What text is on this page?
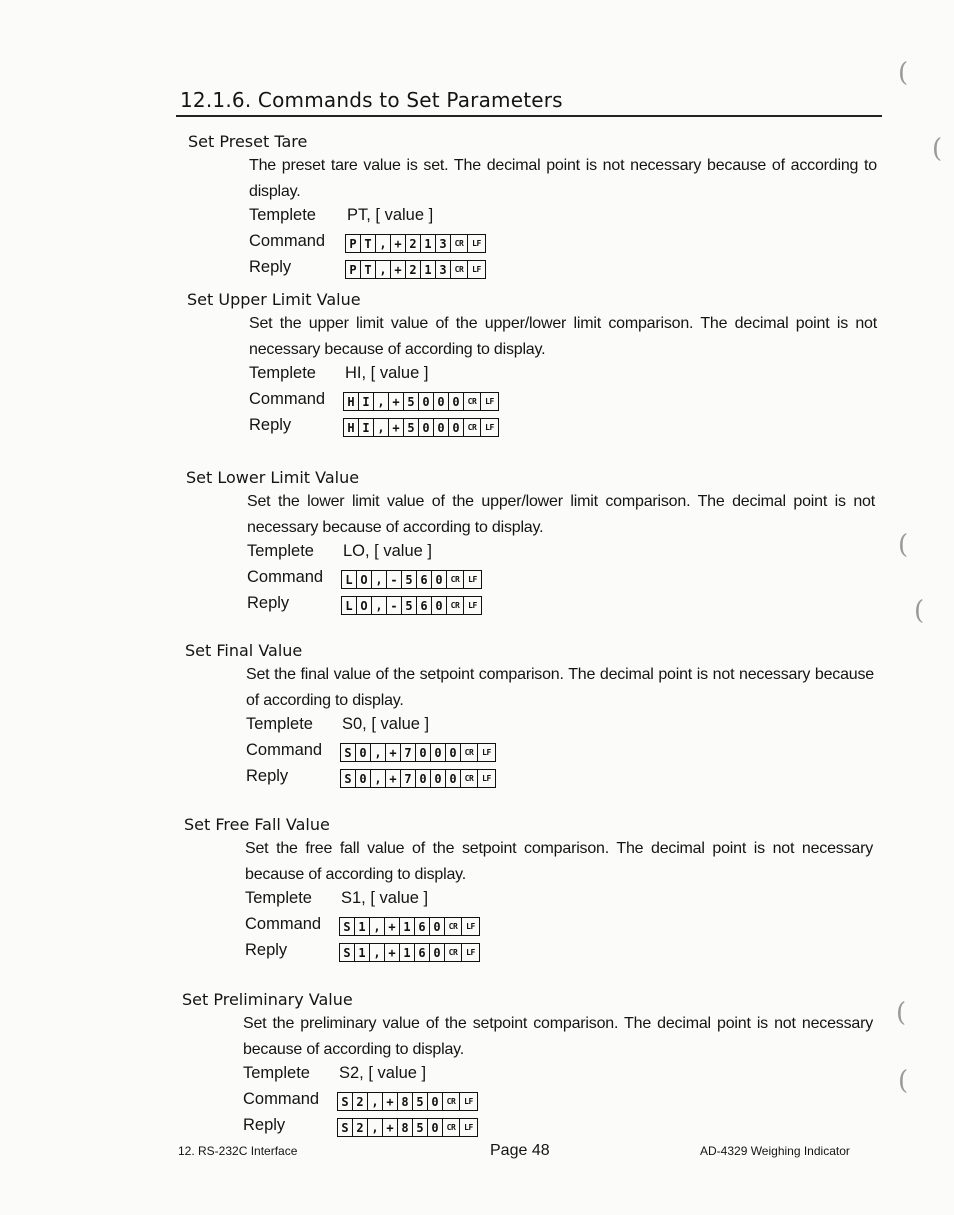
12.1.6. Commands to Set Parameters
Set Preset Tare
The preset tare value is set. The decimal point is not necessary because of according to display.
Templete PT, [ value ]
Command P T , + 2 1 3	CR	LF
Reply	P T , + 2 1 3	CR	LF
Set Upper Limit Value
Set the upper limit value of the upper/lower limit comparison. The decimal point is not necessary because of according to display.
Templete HI, [ value ]
Command H I , + 5 0 0 0	CR	LF
Reply	H I , + 5 0 0 0	CR	LF
Set Lower Limit Value
Set the lower limit value of the upper/lower limit comparison. The decimal point is not necessary because of according to display.
Templete LO, [ value ]
Command L O , - 5 6 0	CR	LF
Reply	L O , - 5 6 0	CR	LF
Set Final Value
Set the final value of the setpoint comparison. The decimal point is not necessary because of according to display.
Templete S0, [ value ]
Command S 0 , + 7 0 0 0	CR	LF
Reply	S 0 , + 7 0 0 0	CR	LF
Set Free Fall Value
Set the free fall value of the setpoint comparison. The decimal point is not necessary because of according to display.
Templete S1, [ value ]
Command S 1 , + 1 6 0	CR	LF
Reply	S 1 , + 1 6 0	CR	LF
Set Preliminary Value
Set the preliminary value of the setpoint comparison. The decimal point is not necessary because of according to display.
Templete S2, [ value ]
Command S 2 , + 8 5 0	CR	LF
Reply	S 2 , + 8 5 0	CR	LF
12. RS-232C Interface	Page 48	AD-4329 Weighing Indicator
(
(
(
(
(
(
